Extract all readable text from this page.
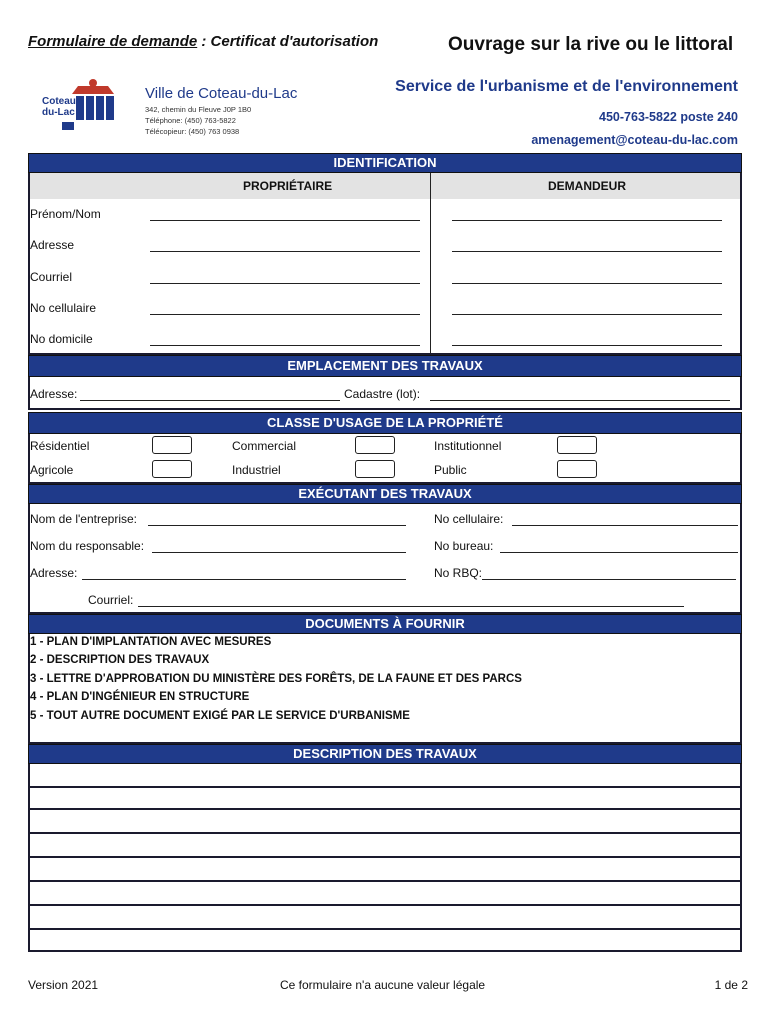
Formulaire de demande : Certificat d'autorisation	Ouvrage sur la rive ou le littoral
Coteau
du-Lac
Ville de Coteau-du-Lac
342, chemin du Fleuve J0P 1B0
Téléphone: (450) 763-5822
Télécopieur: (450) 763 0938
Service de l'urbanisme et de l'environnement
450-763-5822 poste 240
amenagement@coteau-du-lac.com
IDENTIFICATION
PROPRIÉTAIRE	DEMANDEUR
Prénom/Nom
Adresse
Courriel
No cellulaire
No domicile
EMPLACEMENT DES TRAVAUX
Adresse:	Cadastre (lot):
CLASSE D'USAGE DE LA PROPRIÉTÉ
Résidentiel	Commercial	Institutionnel
Agricole	Industriel	Public
EXÉCUTANT DES TRAVAUX
Nom de l'entreprise:	No cellulaire:
Nom du responsable:	No bureau:
Adresse:	No RBQ:
Courriel:
DOCUMENTS À FOURNIR
1 - PLAN D'IMPLANTATION AVEC MESURES
2 - DESCRIPTION DES TRAVAUX
3 - LETTRE D'APPROBATION DU MINISTÈRE DES FORÊTS, DE LA FAUNE ET DES PARCS
4 - PLAN D'INGÉNIEUR EN STRUCTURE
5 - TOUT AUTRE DOCUMENT EXIGÉ PAR LE SERVICE D'URBANISME
DESCRIPTION DES TRAVAUX
Version 2021	Ce formulaire n'a aucune valeur légale	1 de 2
